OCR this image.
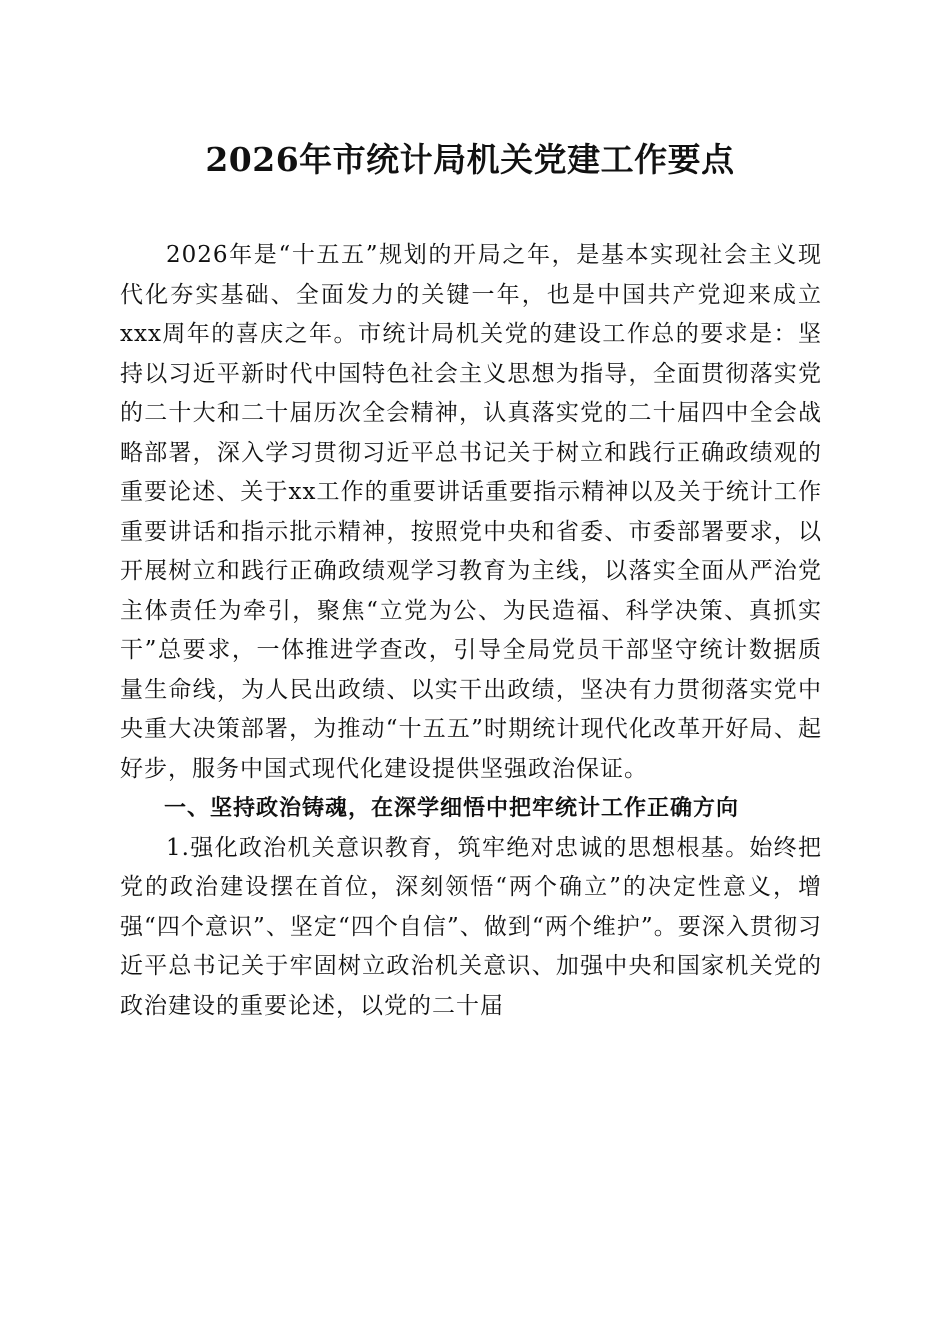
2026年市统计局机关党建工作要点

2026年是“十五五”规划的开局之年，是基本实现社会主义现代化夯实基础、全面发力的关键一年，也是中国共产党迎来成立xxx周年的喜庆之年。市统计局机关党的建设工作总的要求是：坚持以习近平新时代中国特色社会主义思想为指导，全面贯彻落实党的二十大和二十届历次全会精神，认真落实党的二十届四中全会战略部署，深入学习贯彻习近平总书记关于树立和践行正确政绩观的重要论述、关于xx工作的重要讲话重要指示精神以及关于统计工作重要讲话和指示批示精神，按照党中央和省委、市委部署要求，以开展树立和践行正确政绩观学习教育为主线，以落实全面从严治党主体责任为牵引，聚焦“立党为公、为民造福、科学决策、真抓实干”总要求，一体推进学查改，引导全局党员干部坚守统计数据质量生命线，为人民出政绩、以实干出政绩，坚决有力贯彻落实党中央重大决策部署，为推动“十五五”时期统计现代化改革开好局、起好步，服务中国式现代化建设提供坚强政治保证。

一、坚持政治铸魂，在深学细悟中把牢统计工作正确方向

1.强化政治机关意识教育，筑牢绝对忠诚的思想根基。始终把党的政治建设摆在首位，深刻领悟“两个确立”的决定性意义，增强“四个意识”、坚定“四个自信”、做到“两个维护”。要深入贯彻习近平总书记关于牢固树立政治机关意识、加强中央和国家机关党的政治建设的重要论述，以党的二十届
